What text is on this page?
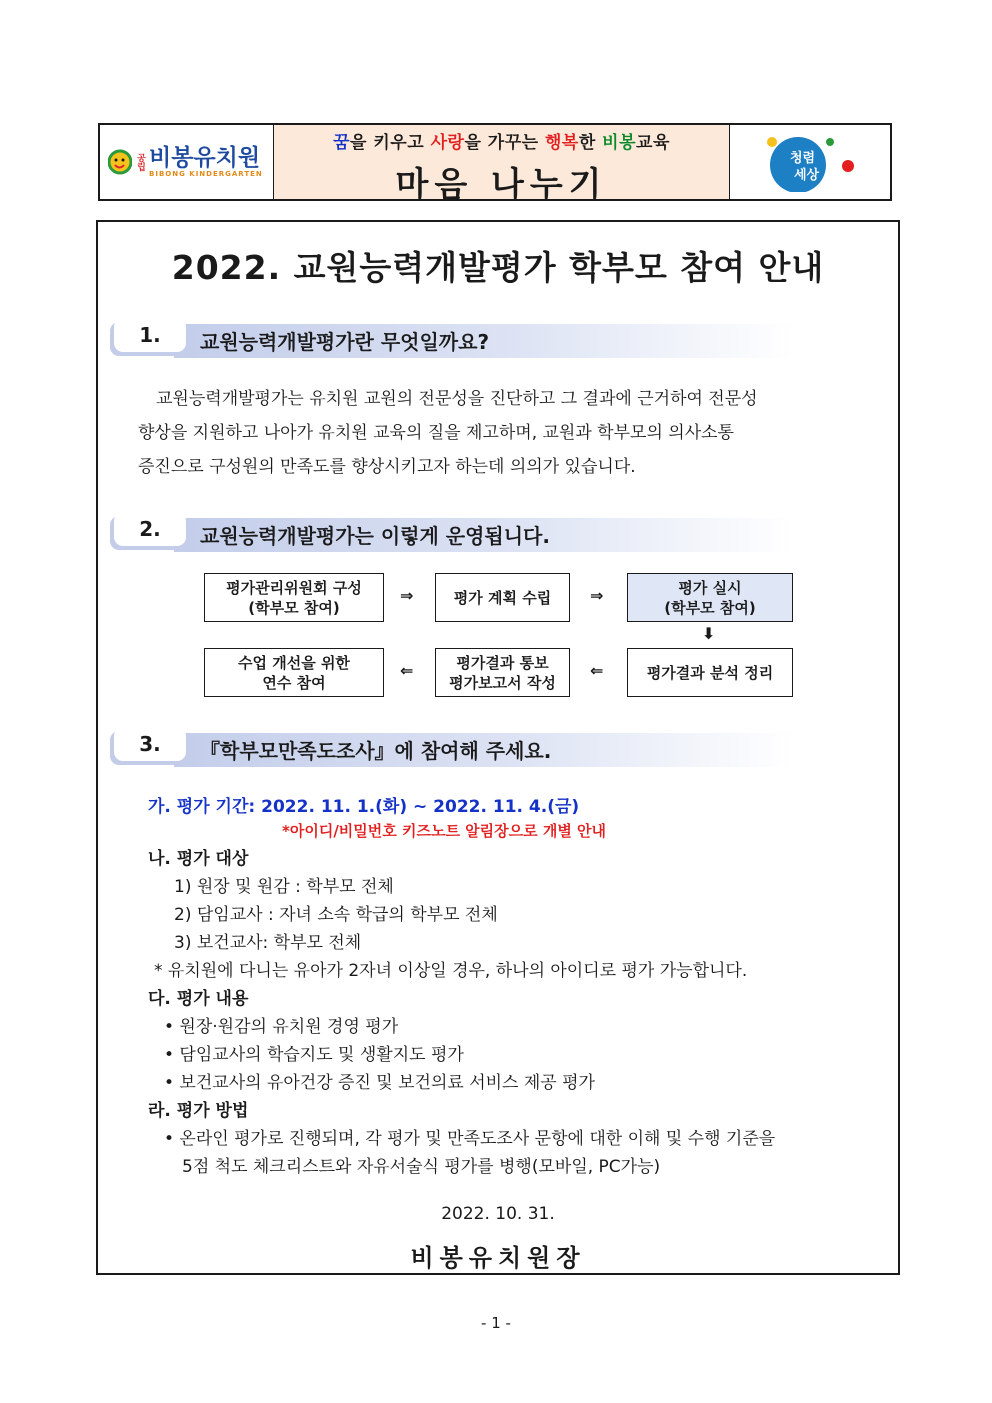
공립 비봉유치원
BIBONG KINDERGARTEN
꿈을 키우고 사랑을 가꾸는 행복한 비봉교육
마음 나누기
청렴
세상
2022. 교원능력개발평가 학부모 참여 안내
1.	교원능력개발평가란 무엇일까요?
교원능력개발평가는 유치원 교원의 전문성을 진단하고 그 결과에 근거하여 전문성
향상을 지원하고 나아가 유치원 교육의 질을 제고하며, 교원과 학부모의 의사소통
증진으로 구성원의 만족도를 향상시키고자 하는데 의의가 있습니다.
2.	교원능력개발평가는 이렇게 운영됩니다.
평가관리위원회 구성
(학부모 참여)
⇒	평가 계획 수립 ⇒	평가 실시
(학부모 참여)
⬇
평가결과 분석 정리
⇐
평가결과 통보
평가보고서 작성
⇐
수업 개선을 위한
연수 참여
3.	『학부모만족도조사』에 참여해 주세요.
가. 평가 기간: 2022. 11. 1.(화) ~ 2022. 11. 4.(금)
*아이디/비밀번호 키즈노트 알림장으로 개별 안내
나. 평가 대상
1) 원장 및 원감 : 학부모 전체
2) 담임교사 : 자녀 소속 학급의 학부모 전체
3) 보건교사: 학부모 전체
* 유치원에 다니는 유아가 2자녀 이상일 경우, 하나의 아이디로 평가 가능합니다.
다. 평가 내용
• 원장·원감의 유치원 경영 평가
• 담임교사의 학습지도 및 생활지도 평가
• 보건교사의 유아건강 증진 및 보건의료 서비스 제공 평가
라. 평가 방법
• 온라인 평가로 진행되며, 각 평가 및 만족도조사 문항에 대한 이해 및 수행 기준을
5점 척도 체크리스트와 자유서술식 평가를 병행(모바일, PC가능)
2022. 10. 31.
비봉유치원장
- 1 -
